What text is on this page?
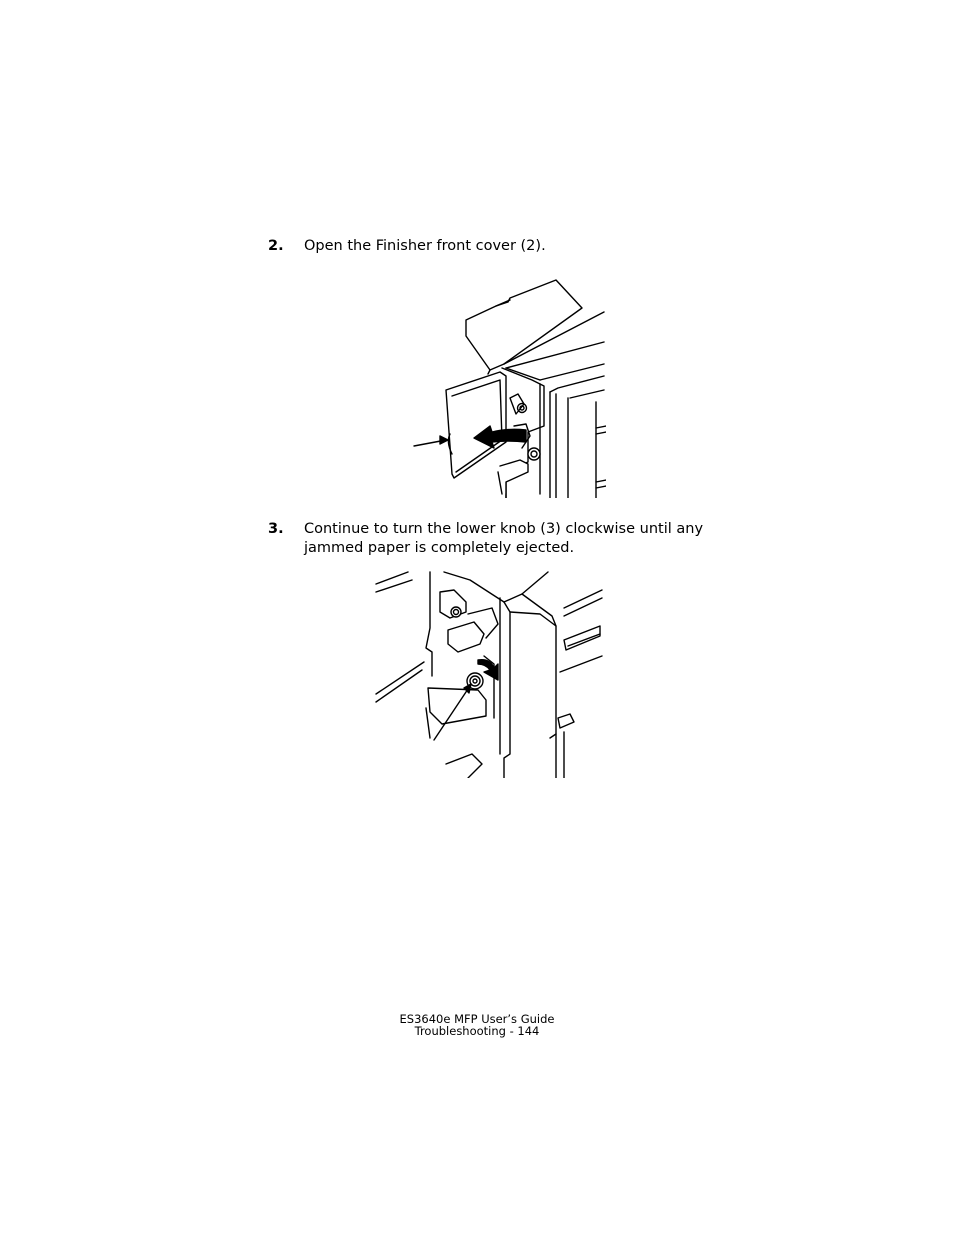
2. Open the Finisher front cover (2).
3. Continue to turn the lower knob (3) clockwise until any jammed paper is completely ejected.
ES3640e MFP User’s Guide
Troubleshooting - 144
